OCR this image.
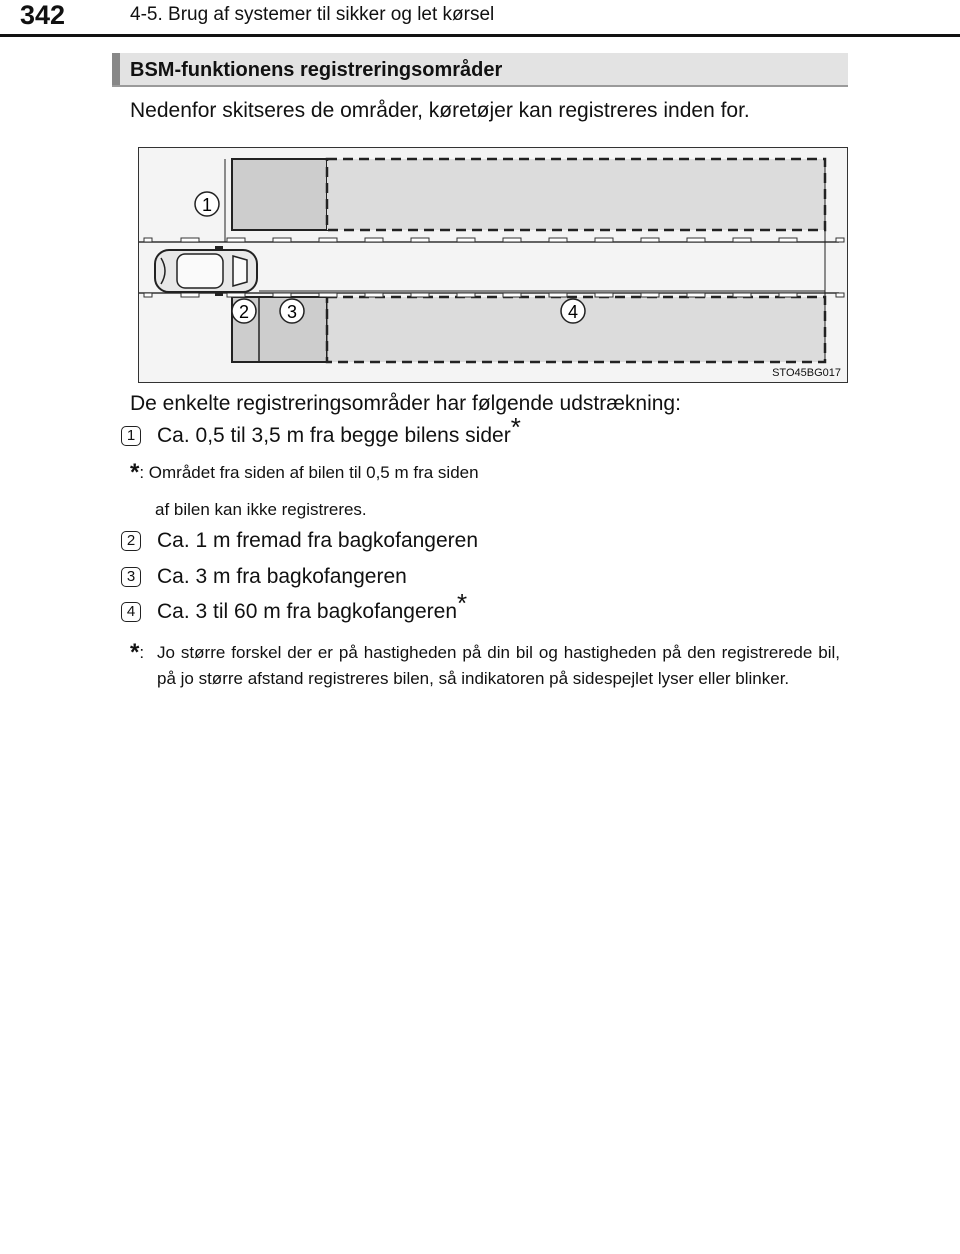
342	4-5. Brug af systemer til sikker og let kørsel
BSM-funktionens registreringsområder
Nedenfor skitseres de områder, køretøjer kan registreres inden for.
1
2 3	4
STO45BG017
De enkelte registreringsområder har følgende udstrækning:
1 Ca. 0,5 til 3,5 m fra begge bilens sider*
*: Området fra siden af bilen til 0,5 m fra siden
af bilen kan ikke registreres.
2 Ca. 1 m fremad fra bagkofangeren
3 Ca. 3 m fra bagkofangeren
4 Ca. 3 til 60 m fra bagkofangeren*
*: Jo større forskel der er på hastigheden på din bil og hastigheden på den registrerede bil, på jo større afstand registreres bilen, så indikatoren på sidespejlet lyser eller blinker.
